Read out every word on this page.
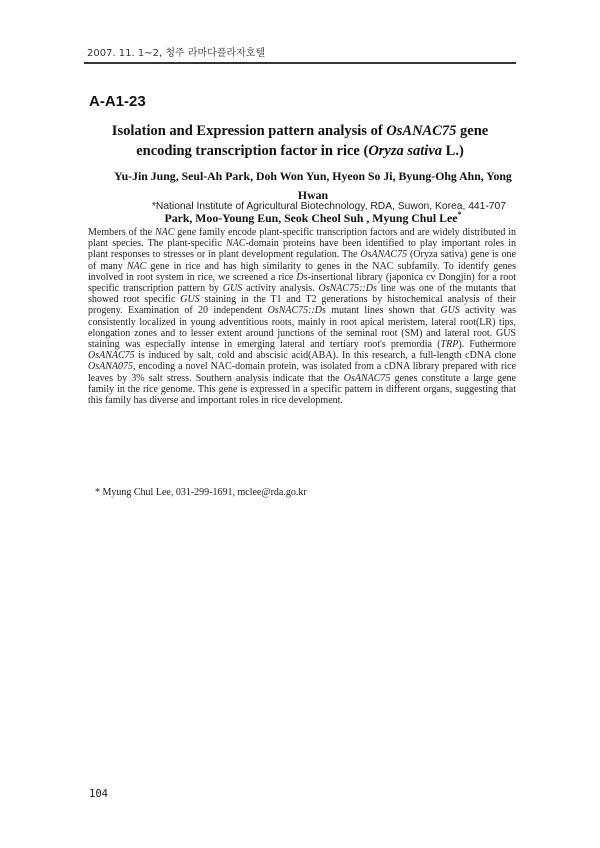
2007. 11. 1~2, 청주 라마다플라자호텔
A-A1-23
Isolation and Expression pattern analysis of OsANAC75 gene
encoding transcription factor in rice (Oryza sativa L.)
Yu-Jin Jung, Seul-Ah Park, Doh Won Yun, Hyeon So Ji, Byung-Ohg Ahn, Yong Hwan
Park, Moo-Young Eun, Seok Cheol Suh , Myung Chul Lee*
*National Institute of Agricultural Biotechnology, RDA, Suwon, Korea, 441-707
Members of the NAC gene family encode plant-specific transcription factors and are widely distributed in plant species. The plant-specific NAC-domain proteins have been identified to play important roles in plant responses to stresses or in plant development regulation. The OsANAC75 (Oryza sativa) gene is one of many NAC gene in rice and has high similarity to genes in the NAC subfamily. To identify genes involved in root system in rice, we screened a rice Ds-insertional library (japonica cv Dongjin) for a root specific transcription pattern by GUS activity analysis. OsNAC75::Ds line was one of the mutants that showed root specific GUS staining in the T1 and T2 generations by histochemical analysis of their progeny. Examination of 20 independent OsNAC75::Ds mutant lines shown that GUS activity was consistently localized in young adventitious roots, mainly in root apical meristem, lateral root(LR) tips, elongation zones and to lesser extent around junctions of the seminal root (SM) and lateral root. GUS staining was especially intense in emerging lateral and tertiary root's premordia (TRP). Futhermore OsANAC75 is induced by salt, cold and abscisic acid(ABA). In this research, a full-length cDNA clone OsANA075, encoding a novel NAC-domain protein, was isolated from a cDNA library prepared with rice leaves by 3% salt stress. Southern analysis indicate that the OsANAC75 genes constitute a large gene family in the rice genome. This gene is expressed in a specific pattern in different organs, suggesting that this family has diverse and important roles in rice development.
* Myung Chul Lee, 031-299-1691, mclee@rda.go.kr
104
